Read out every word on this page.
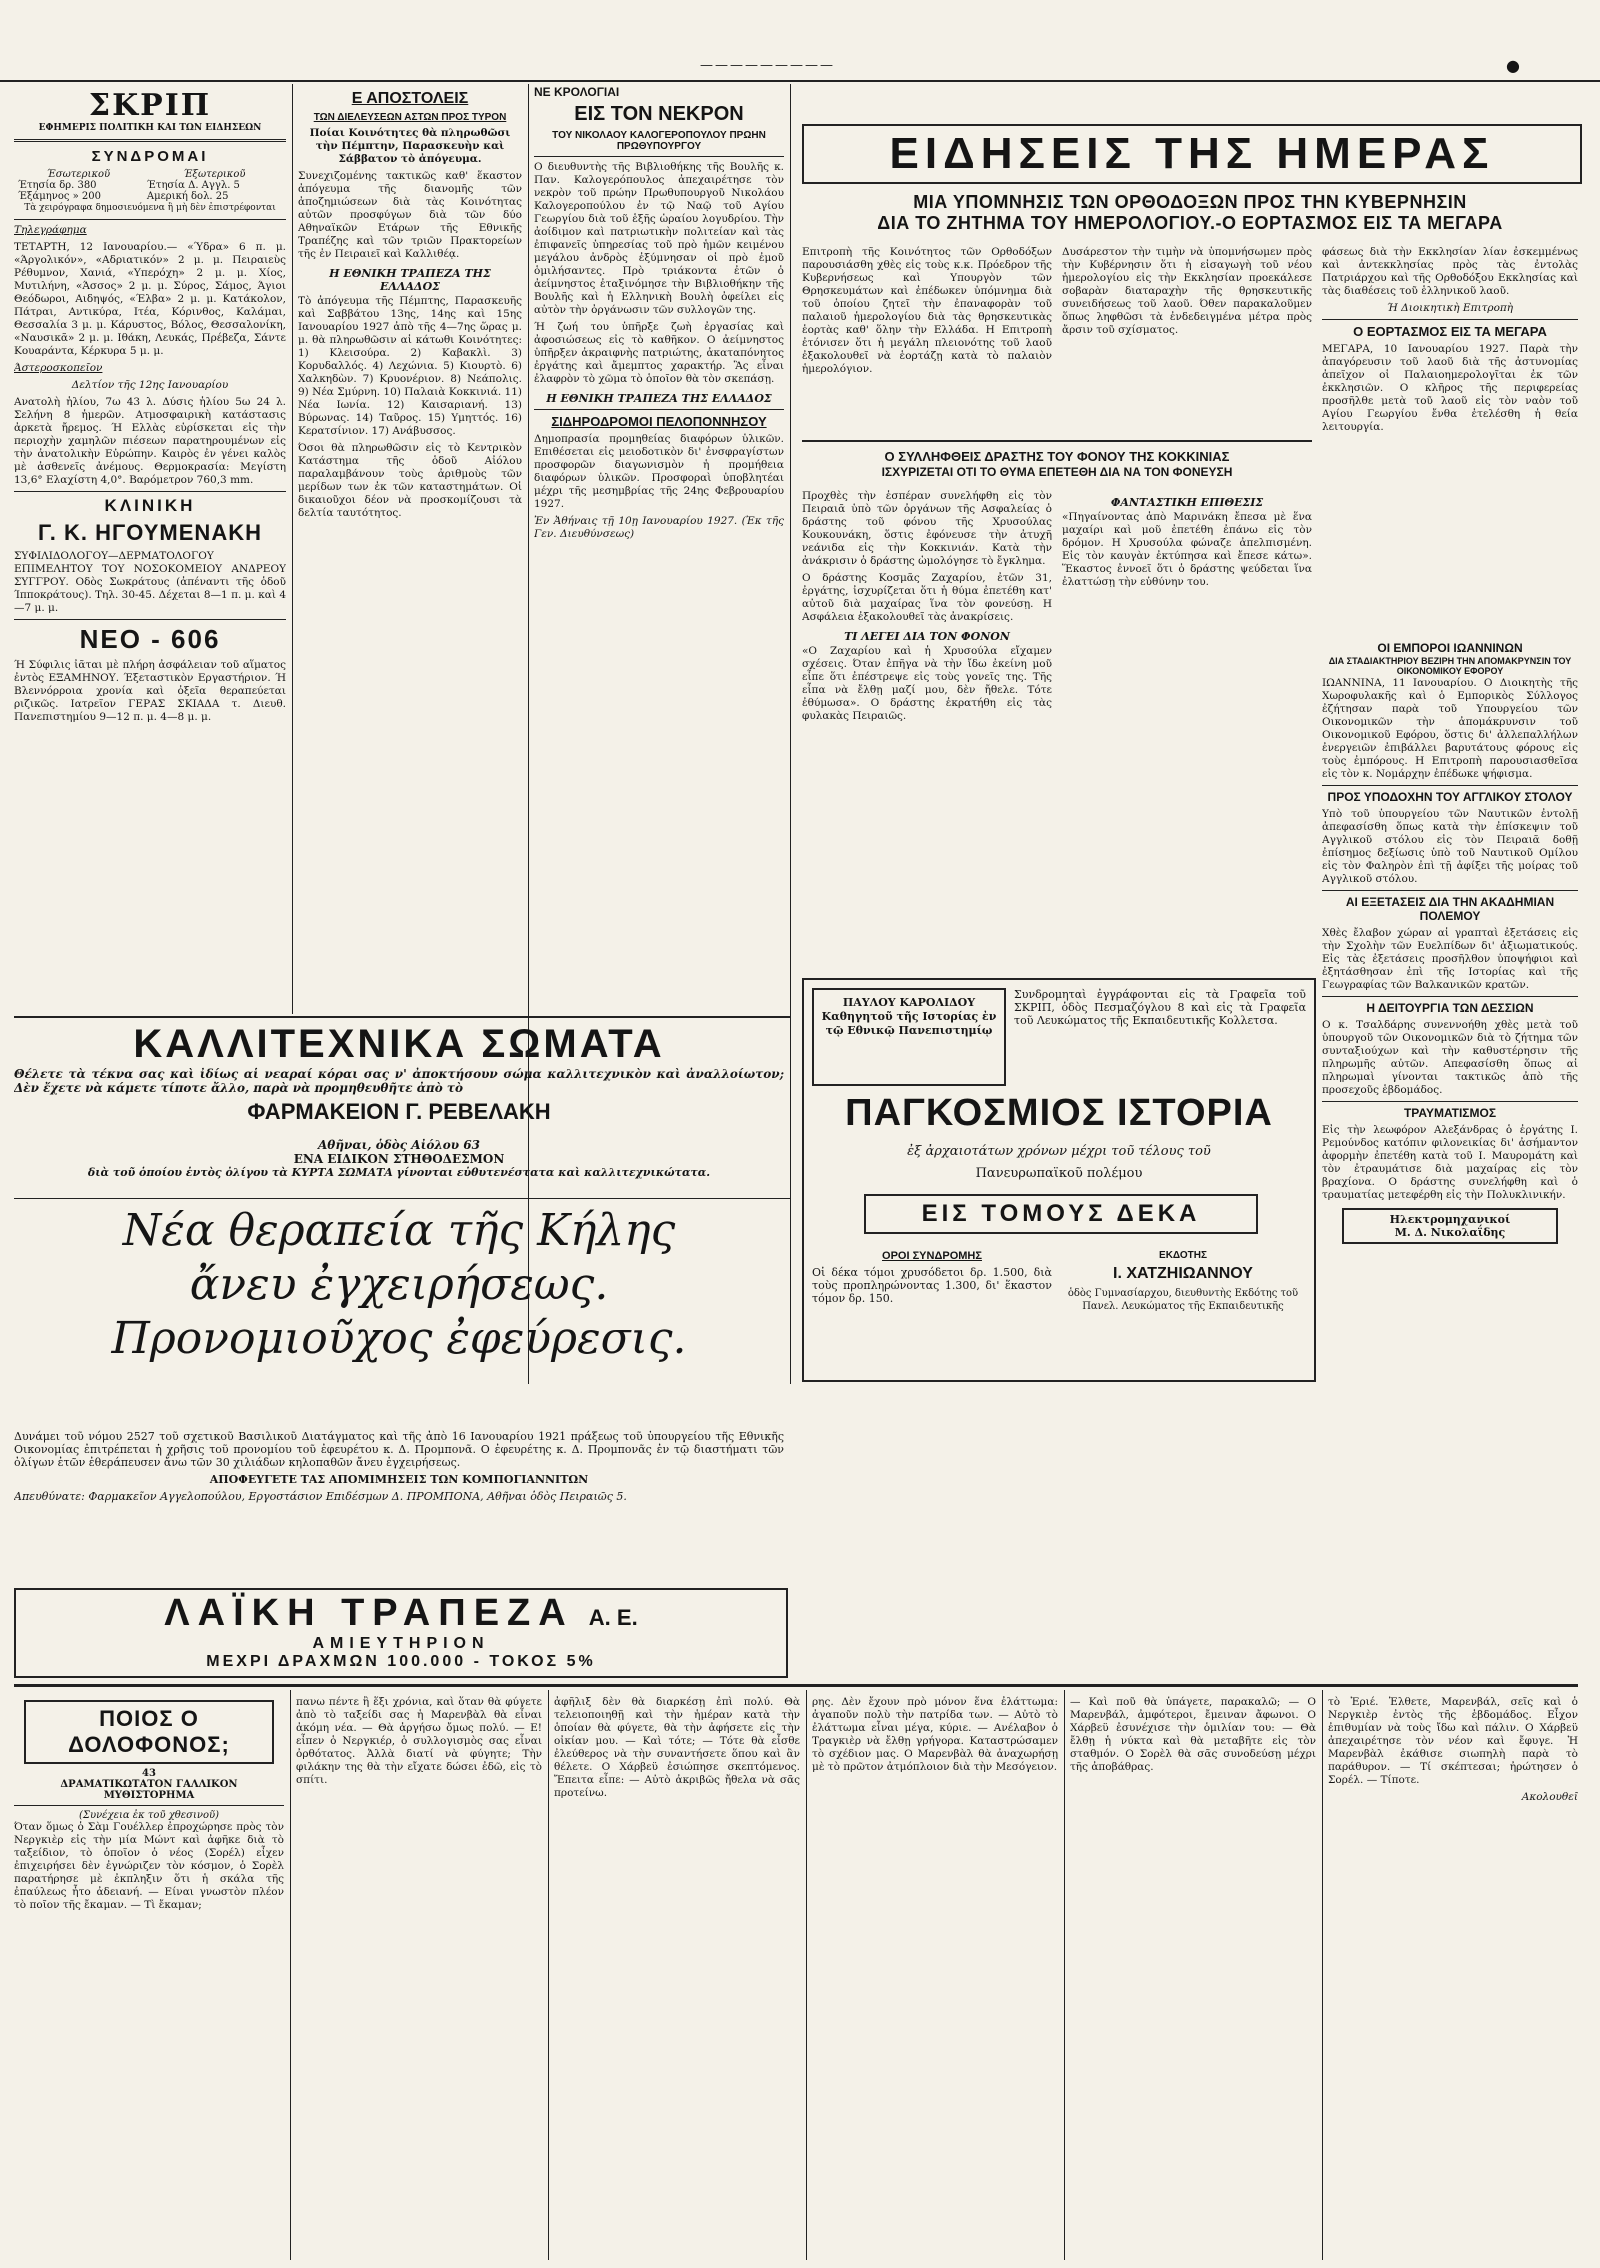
—————————	●
ΣΚΡΙΠ
ΕΦΗΜΕΡΙΣ ΠΟΛΙΤΙΚΗ ΚΑΙ ΤΩΝ ΕΙΔΗΣΕΩΝ
ΣΥΝΔΡΟΜΑΙ
Έσωτερικοῦ	Έξωτερικοῦ
Έτησία δρ. 380	Έτησία Δ. Αγγλ. 5
Έξάμηνος » 200	Αμερική δολ. 25
Τὰ χειρόγραφα δημοσιευόμενα ἢ μὴ δὲν ἐπιστρέφονται
Τηλεγράφημα

ΤΕΤΑΡΤΗ, 12 Ιανουαρίου.— «Ύδρα» 6 π. μ. «Άργολικόν», «Αδριατικόν» 2 μ. μ. Πειραιεὺς Ρέθυμνον, Χανιά, «Υπερόχη» 2 μ. μ. Χίος, Μυτιλήνη, «Άσσος» 2 μ. μ. Σύρος, Σάμος, Άγιοι Θεόδωροι, Αιδηψός, «Έλβα» 2 μ. μ. Κατάκολον, Πάτραι, Αντικύρα, Ιτέα, Κόρινθος, Καλάμαι, Θεσσαλία 3 μ. μ. Κάρυστος, Βόλος, Θεσσαλονίκη, «Ναυσικᾶ» 2 μ. μ. Ιθάκη, Λευκάς, Πρέβεζα, Σάντε Κουαράντα, Κέρκυρα 5 μ. μ.

Άστεροσκοπεῖον
Δελτίον τῆς 12ης Ιανουαρίου

Ανατολὴ ἡλίου, 7ω 43 λ. Δύσις ἡλίου 5ω 24 λ. Σελήνη 8 ἡμερῶν. Ατμοσφαιρικὴ κατάστασις ἀρκετὰ ἤρεμος. Ή Ελλὰς εὑρίσκεται εἰς τὴν περιοχὴν χαμηλῶν πιέσεων παρατηρουμένων εἰς τὴν ἀνατολικὴν Εὐρώπην. Καιρὸς ἐν γένει καλὸς μὲ ἀσθενεῖς ἀνέμους. Θερμοκρασία: Μεγίστη 13,6° Ελαχίστη 4,0°. Βαρόμετρον 760,3 mm.

ΚΛΙΝΙΚΗ
Γ. Κ. ΗΓΟΥΜΕΝΑΚΗ

ΣΥΦΙΛΙΔΟΛΟΓΟΥ—ΔΕΡΜΑΤΟΛΟΓΟΥ ΕΠΙΜΕΛΗΤΟΥ ΤΟΥ ΝΟΣΟΚΟΜΕΙΟΥ ΑΝΔΡΕΟΥ ΣΥΓΓΡΟΥ. Οδὸς Σωκράτους (ἀπέναντι τῆς ὁδοῦ Ίπποκράτους). Τηλ. 30-45. Δέχεται 8—1 π. μ. καὶ 4—7 μ. μ.

ΝΕΟ - 606

Ή Σύφιλις ἰᾶται μὲ πλήρη ἀσφάλειαν τοῦ αἵματος ἐντὸς ΕΞΑΜΗΝΟΥ. Έξεταστικὸν Εργαστήριον. Ή Βλεννόρροια χρονία καὶ ὀξεῖα θεραπεύεται ριζικῶς. Ιατρεῖον ΓΕΡΑΣ ΣΚΙΑΔΑ τ. Διευθ. Πανεπιστημίου 9—12 π. μ. 4—8 μ. μ.

Ε ΑΠΟΣΤΟΛΕΙΣ
ΤΩΝ ΔΙΕΛΕΥΣΕΩΝ ΑΣΤΩΝ ΠΡΟΣ ΤΥΡΟΝ

Ποίαι Κοινότητες θὰ πληρωθῶσι τὴν Πέμπτην, Παρασκευὴν καὶ Σάββατον τὸ ἀπόγευμα.

Συνεχιζομένης τακτικῶς καθ' ἕκαστον ἀπόγευμα τῆς διανομῆς τῶν ἀποζημιώσεων διὰ τὰς Κοινότητας αὐτῶν προσφύγων διὰ τῶν δύο Αθηναϊκῶν Ετάρων τῆς Εθνικῆς Τραπέζης καὶ τῶν τριῶν Πρακτορείων τῆς ἐν Πειραιεῖ καὶ Καλλιθέᾳ.

Η ΕΘΝΙΚΗ ΤΡΑΠΕΖΑ ΤΗΣ ΕΛΛΑΔΟΣ

Τὸ ἀπόγευμα τῆς Πέμπτης, Παρασκευῆς καὶ Σαββάτου 13ης, 14ης καὶ 15ης Ιανουαρίου 1927 ἀπὸ τῆς 4—7ης ὥρας μ. μ. θὰ πληρωθῶσιν αἱ κάτωθι Κοινότητες: 1) Κλεισούρα. 2) Καβακλὶ. 3) Κορυδαλλός. 4) Λεχώνια. 5) Κιουρτὸ. 6) Χαλκηδὼν. 7) Κρυονέριον. 8) Νεάπολις. 9) Νέα Σμύρνη. 10) Παλαιὰ Κοκκινιά. 11) Νέα Ιωνία. 12) Καισαριανή. 13) Βύρωνας. 14) Ταῦρος. 15) Υμηττός. 16) Κερατσίνιον. 17) Ανάβυσσος.

Όσοι θὰ πληρωθῶσιν εἰς τὸ Κεντρικὸν Κατάστημα τῆς ὁδοῦ Αἰόλου παραλαμβάνουν τοὺς ἀριθμοὺς τῶν μερίδων των ἐκ τῶν καταστημάτων. Οἱ δικαιοῦχοι δέον νὰ προσκομίζουσι τὰ δελτία ταυτότητος.

ΝΕ ΚΡΟΛΟΓΙΑΙ
ΕΙΣ ΤΟΝ ΝΕΚΡΟΝ
ΤΟΥ ΝΙΚΟΛΑΟΥ ΚΑΛΟΓΕΡΟΠΟΥΛΟΥ ΠΡΩΗΝ ΠΡΩΘΥΠΟΥΡΓΟΥ

Ο διευθυντὴς τῆς Βιβλιοθήκης τῆς Βουλῆς κ. Παν. Καλογερόπουλος ἀπεχαιρέτησε τὸν νεκρὸν τοῦ πρώην Πρωθυπουργοῦ Νικολάου Καλογεροπούλου ἐν τῷ Ναῷ τοῦ Αγίου Γεωργίου διὰ τοῦ ἑξῆς ὡραίου λογυδρίου. Τὴν ἀοίδιμον καὶ πατριωτικὴν πολιτείαν καὶ τὰς ἐπιφανεῖς ὑπηρεσίας τοῦ πρὸ ἡμῶν κειμένου μεγάλου ἀνδρὸς ἐξύμνησαν οἱ πρὸ ἐμοῦ ὁμιλήσαντες. Πρὸ τριάκοντα ἐτῶν ὁ ἀείμνηστος ἐταξινόμησε τὴν Βιβλιοθήκην τῆς Βουλῆς καὶ ἡ Ελληνικὴ Βουλὴ ὀφείλει εἰς αὐτὸν τὴν ὀργάνωσιν τῶν συλλογῶν της.

Ή ζωή του ὑπῆρξε ζωὴ ἐργασίας καὶ ἀφοσιώσεως εἰς τὸ καθῆκον. Ο ἀείμνηστος ὑπῆρξεν ἀκραιφνὴς πατριώτης, ἀκαταπόνητος ἐργάτης καὶ ἄμεμπτος χαρακτήρ. Ἂς εἶναι ἐλαφρὸν τὸ χῶμα τὸ ὁποῖον θὰ τὸν σκεπάσῃ.

Η ΕΘΝΙΚΗ ΤΡΑΠΕΖΑ ΤΗΣ ΕΛΛΑΔΟΣ
ΣΙΔΗΡΟΔΡΟΜΟΙ ΠΕΛΟΠΟΝΝΗΣΟΥ

Δημοπρασία προμηθείας διαφόρων ὑλικῶν. Επιθέσεται εἰς μειοδοτικὸν δι' ἐνσφραγίστων προσφορῶν διαγωνισμὸν ἡ προμήθεια διαφόρων ὑλικῶν. Προσφοραὶ ὑποβλητέαι μέχρι τῆς μεσημβρίας τῆς 24ης Φεβρουαρίου 1927.

Ἐν Ἀθήναις τῇ 10ῃ Ιανουαρίου 1927. (Ἐκ τῆς Γεν. Διευθύνσεως)

ΕΙΔΗΣΕΙΣ ΤΗΣ ΗΜΕΡΑΣ
ΜΙΑ ΥΠΟΜΝΗΣΙΣ ΤΩΝ ΟΡΘΟΔΟΞΩΝ ΠΡΟΣ ΤΗΝ ΚΥΒΕΡΝΗΣΙΝ
ΔΙΑ ΤΟ ΖΗΤΗΜΑ ΤΟΥ ΗΜΕΡΟΛΟΓΙΟΥ.-Ο ΕΟΡΤΑΣΜΟΣ ΕΙΣ ΤΑ ΜΕΓΑΡΑ

Επιτροπὴ τῆς Κοινότητος τῶν Ορθοδόξων παρουσιάσθη χθὲς εἰς τοὺς κ.κ. Πρόεδρον τῆς Κυβερνήσεως καὶ Υπουργὸν τῶν Θρησκευμάτων καὶ ἐπέδωκεν ὑπόμνημα διὰ τοῦ ὁποίου ζητεῖ τὴν ἐπαναφορὰν τοῦ παλαιοῦ ἡμερολογίου διὰ τὰς θρησκευτικὰς ἑορτὰς καθ' ὅλην τὴν Ελλάδα. Η Επιτροπὴ ἐτόνισεν ὅτι ἡ μεγάλη πλειονότης τοῦ λαοῦ ἐξακολουθεῖ νὰ ἑορτάζῃ κατὰ τὸ παλαιὸν ἡμερολόγιον.

Δυσάρεστον τὴν τιμὴν νὰ ὑπομνήσωμεν πρὸς τὴν Κυβέρνησιν ὅτι ἡ εἰσαγωγὴ τοῦ νέου ἡμερολογίου εἰς τὴν Εκκλησίαν προεκάλεσε σοβαρὰν διαταραχὴν τῆς θρησκευτικῆς συνειδήσεως τοῦ λαοῦ. Όθεν παρακαλοῦμεν ὅπως ληφθῶσι τὰ ἐνδεδειγμένα μέτρα πρὸς ἄρσιν τοῦ σχίσματος.

φάσεως διὰ τὴν Εκκλησίαν λίαν ἐσκεμμένως καὶ ἀντεκκλησίας πρὸς τὰς ἐντολὰς Πατριάρχου καὶ τῆς Ορθοδόξου Εκκλησίας καὶ τὰς διαθέσεις τοῦ ἑλληνικοῦ λαοῦ.

Ή Διοικητικὴ Επιτροπὴ
Ο ΕΟΡΤΑΣΜΟΣ ΕΙΣ ΤΑ ΜΕΓΑΡΑ

ΜΕΓΑΡΑ, 10 Ιανουαρίου 1927. Παρὰ τὴν ἀπαγόρευσιν τοῦ λαοῦ διὰ τῆς ἀστυνομίας ἀπεῖχον οἱ Παλαιοημερολογῖται ἐκ τῶν ἐκκλησιῶν. Ο κλῆρος τῆς περιφερείας προσῆλθε μετὰ τοῦ λαοῦ εἰς τὸν ναὸν τοῦ Αγίου Γεωργίου ἔνθα ἐτελέσθη ἡ θεία λειτουργία.

Ο ΣΥΛΛΗΦΘΕΙΣ ΔΡΑΣΤΗΣ ΤΟΥ ΦΟΝΟΥ ΤΗΣ ΚΟΚΚΙΝΙΑΣ
ΙΣΧΥΡΙΖΕΤΑΙ ΟΤΙ ΤΟ ΘΥΜΑ ΕΠΕΤΕΘΗ ΔΙΑ ΝΑ ΤΟΝ ΦΟΝΕΥΣΗ

Προχθὲς τὴν ἑσπέραν συνελήφθη εἰς τὸν Πειραιᾶ ὑπὸ τῶν ὀργάνων τῆς Ασφαλείας ὁ δράστης τοῦ φόνου τῆς Χρυσούλας Κουκουνάκη, ὅστις ἐφόνευσε τὴν ἀτυχῆ νεάνιδα εἰς τὴν Κοκκινιάν. Κατὰ τὴν ἀνάκρισιν ὁ δράστης ὡμολόγησε τὸ ἔγκλημα.

Ο δράστης Κοσμᾶς Ζαχαρίου, ἐτῶν 31, ἐργάτης, ἰσχυρίζεται ὅτι ἡ θύμα ἐπετέθη κατ' αὐτοῦ διὰ μαχαίρας ἵνα τὸν φονεύσῃ. Η Ασφάλεια ἐξακολουθεῖ τὰς ἀνακρίσεις.

ΤΙ ΛΕΓΕΙ ΔΙΑ ΤΟΝ ΦΟΝΟΝ

«Ο Ζαχαρίου καὶ ἡ Χρυσούλα εἴχαμεν σχέσεις. Όταν ἐπῆγα νὰ τὴν ἴδω ἐκείνη μοῦ εἶπε ὅτι ἐπέστρεψε εἰς τοὺς γονεῖς της. Τῆς εἶπα νὰ ἔλθῃ μαζί μου, δὲν ἤθελε. Τότε ἐθύμωσα». Ο δράστης ἐκρατήθη εἰς τὰς φυλακὰς Πειραιῶς.

ΦΑΝΤΑΣΤΙΚΗ ΕΠΙΘΕΣΙΣ

«Πηγαίνοντας ἀπὸ Μαρινάκη ἔπεσα μὲ ἕνα μαχαίρι καὶ μοῦ ἐπετέθη ἐπάνω εἰς τὸν δρόμον. Η Χρυσούλα φώναζε ἀπελπισμένη. Εἰς τὸν καυγὰν ἐκτύπησα καὶ ἔπεσε κάτω». Ἕκαστος ἐννοεῖ ὅτι ὁ δράστης ψεύδεται ἵνα ἐλαττώσῃ τὴν εὐθύνην του.

ΟΙ ΕΜΠΟΡΟΙ ΙΩΑΝΝΙΝΩΝ
ΔΙΑ ΣΤΑΔΙΑΚΤΗΡΙΟΥ ΒΕΖΙΡΗ ΤΗΝ ΑΠΟΜΑΚΡΥΝΣΙΝ ΤΟΥ ΟΙΚΟΝΟΜΙΚΟΥ ΕΦΟΡΟΥ

ΙΩΑΝΝΙΝΑ, 11 Ιανουαρίου. Ο Διοικητὴς τῆς Χωροφυλακῆς καὶ ὁ Εμπορικὸς Σύλλογος ἐζήτησαν παρὰ τοῦ Υπουργείου τῶν Οικονομικῶν τὴν ἀπομάκρυνσιν τοῦ Οικονομικοῦ Εφόρου, ὅστις δι' ἀλλεπαλλήλων ἐνεργειῶν ἐπιβάλλει βαρυτάτους φόρους εἰς τοὺς ἐμπόρους. Η Επιτροπὴ παρουσιασθεῖσα εἰς τὸν κ. Νομάρχην ἐπέδωκε ψήφισμα.

ΠΡΟΣ ΥΠΟΔΟΧΗΝ ΤΟΥ ΑΓΓΛΙΚΟΥ ΣΤΟΛΟΥ

Υπὸ τοῦ ὑπουργείου τῶν Ναυτικῶν ἐντολῇ ἀπεφασίσθη ὅπως κατὰ τὴν ἐπίσκεψιν τοῦ Αγγλικοῦ στόλου εἰς τὸν Πειραιᾶ δοθῇ ἐπίσημος δεξίωσις ὑπὸ τοῦ Ναυτικοῦ Ομίλου εἰς τὸν Φαληρὸν ἐπὶ τῇ ἀφίξει τῆς μοίρας τοῦ Αγγλικοῦ στόλου.

ΑΙ ΕΞΕΤΑΣΕΙΣ ΔΙΑ ΤΗΝ ΑΚΑΔΗΜΙΑΝ ΠΟΛΕΜΟΥ

Χθὲς ἔλαβον χώραν αἱ γραπταὶ ἐξετάσεις εἰς τὴν Σχολὴν τῶν Ευελπίδων δι' ἀξιωματικούς. Εἰς τὰς ἐξετάσεις προσῆλθον ὑποψήφιοι καὶ ἐξητάσθησαν ἐπὶ τῆς Ιστορίας καὶ τῆς Γεωγραφίας τῶν Βαλκανικῶν κρατῶν.

Η ΔΕΙΤΟΥΡΓΙΑ ΤΩΝ ΔΕΣΣΙΩΝ

Ο κ. Τσαλδάρης συνεννοήθη χθὲς μετὰ τοῦ ὑπουργοῦ τῶν Οικονομικῶν διὰ τὸ ζήτημα τῶν συνταξιούχων καὶ τὴν καθυστέρησιν τῆς πληρωμῆς αὐτῶν. Απεφασίσθη ὅπως αἱ πληρωμαὶ γίνονται τακτικῶς ἀπὸ τῆς προσεχοῦς ἑβδομάδος.

ΤΡΑΥΜΑΤΙΣΜΟΣ

Εἰς τὴν λεωφόρον Αλεξάνδρας ὁ ἐργάτης Ι. Ρεμούνδος κατόπιν φιλονεικίας δι' ἀσήμαντον ἀφορμὴν ἐπετέθη κατὰ τοῦ Ι. Μαυρομάτη καὶ τὸν ἐτραυμάτισε διὰ μαχαίρας εἰς τὸν βραχίονα. Ο δράστης συνελήφθη καὶ ὁ τραυματίας μετεφέρθη εἰς τὴν Πολυκλινικήν.

Ηλεκτρομηχανικοί
Μ. Δ. Νικολαΐδης
ΠΑΥΛΟΥ ΚΑΡΟΛΙΔΟΥ Καθηγητοῦ τῆς Ιστορίας ἐν τῷ Εθνικῷ Πανεπιστημίῳ

Συνδρομηταὶ ἐγγράφονται εἰς τὰ Γραφεῖα τοῦ ΣΚΡΙΠ, ὁδὸς Πεσμαζόγλου 8 καὶ εἰς τὰ Γραφεῖα τοῦ Λευκώματος τῆς Εκπαιδευτικῆς Κολλετσα.

ΠΑΓΚΟΣΜΙΟΣ ΙΣΤΟΡΙΑ
ἐξ ἀρχαιοτάτων χρόνων μέχρι τοῦ τέλους τοῦ
Πανευρωπαϊκοῦ πολέμου
ΕΙΣ ΤΟΜΟΥΣ ΔΕΚΑ
ΟΡΟΙ ΣΥΝΔΡΟΜΗΣ

Οἱ δέκα τόμοι χρυσόδετοι δρ. 1.500, διὰ τοὺς προπληρώνοντας 1.300, δι' ἕκαστον τόμον δρ. 150.

ΕΚΔΟΤΗΣ
Ι. ΧΑΤΖΗΙΩΑΝΝΟΥ

ὁδὸς Γυμνασίαρχου, διευθυντὴς Εκδότης τοῦ Πανελ. Λευκώματος τῆς Εκπαιδευτικῆς

ΚΑΛΛΙΤΕΧΝΙΚΑ ΣΩΜΑΤΑ

Θέλετε τὰ τέκνα σας καὶ ἰδίως αἱ νεαραί κόραι σας ν' ἀποκτήσουν σώμα καλλιτεχνικὸν καὶ ἀναλλοίωτον; Δὲν ἔχετε νὰ κάμετε τίποτε ἄλλο, παρὰ νὰ προμηθευθῆτε ἀπὸ τὸ

ΦΑΡΜΑΚΕΙΟΝ Γ. ΡΕΒΕΛΑΚΗ
Αθῆναι, ὁδὸς Αἰόλου 63
ΕΝΑ ΕΙΔΙΚΟΝ ΣΤΗΘΟΔΕΣΜΟΝ
διὰ τοῦ ὁποίου ἐντὸς ὀλίγου τὰ ΚΥΡΤΑ ΣΩΜΑΤΑ γίνονται εὐθυτενέστατα καὶ καλλιτεχνικώτατα.
Νέα θεραπεία τῆς Κήλης
ἄνευ ἐγχειρήσεως.
Προνομιοῦχος ἐφεύρεσις.

Δυνάμει τοῦ νόμου 2527 τοῦ σχετικοῦ Βασιλικοῦ Διατάγματος καὶ τῆς ἀπὸ 16 Ιανουαρίου 1921 πράξεως τοῦ ὑπουργείου τῆς Εθνικῆς Οικονομίας ἐπιτρέπεται ἡ χρῆσις τοῦ προνομίου τοῦ ἐφευρέτου κ. Δ. Προμπονᾶ. Ο ἐφευρέτης κ. Δ. Προμπονᾶς ἐν τῷ διαστήματι τῶν ὀλίγων ἐτῶν ἐθεράπευσεν ἄνω τῶν 30 χιλιάδων κηλοπαθῶν ἄνευ ἐγχειρήσεως.

ΑΠΟΦΕΥΓΕΤΕ ΤΑΣ ΑΠΟΜΙΜΗΣΕΙΣ ΤΩΝ ΚΟΜΠΟΓΙΑΝΝΙΤΩΝ

Απευθύνατε: Φαρμακεῖον Αγγελοπούλου, Εργοστάσιον Επιδέσμων Δ. ΠΡΟΜΠΟΝΑ, Αθῆναι ὁδὸς Πειραιῶς 5.

ΛΑΪΚΗ ΤΡΑΠΕΖΑ Α. Ε.
ΑΜΙΕΥΤΗΡΙΟΝ
ΜΕΧΡΙ ΔΡΑΧΜΩΝ 100.000 - ΤΟΚΟΣ 5%
ΠΟΙΟΣ Ο ΔΟΛΟΦΟΝΟΣ;
43
ΔΡΑΜΑΤΙΚΩΤΑΤΟΝ ΓΑΛΛΙΚΟΝ ΜΥΘΙΣΤΟΡΗΜΑ
(Συνέχεια ἐκ τοῦ χθεσινοῦ)

Όταν ὅμως ὁ Σὰμ Γουέλλερ ἐπροχώρησε πρὸς τὸν Νεργκιὲρ εἰς τὴν μία Μώντ καὶ ἀφῆκε διὰ τὸ ταξείδιον, τὸ ὁποῖον ὁ νέος (Σορέλ) εἶχεν ἐπιχειρήσει δὲν ἐγνώριζεν τὸν κόσμον, ὁ Σορὲλ παρατήρησε μὲ ἐκπληξιν ὅτι ἡ σκάλα τῆς ἐπαύλεως ἦτο ἀδειανή. — Είναι γνωστὸν πλέον τὸ ποῖον τῆς ἔκαμαν. — Τὶ ἔκαμαν;

πανω πέντε ἢ ἕξι χρόνια, καὶ ὅταν θὰ φύγετε ἀπὸ τὸ ταξείδι σας ἡ Μαρενβὰλ θὰ εἶναι ἀκόμη νέα. — Θὰ ἀργήσω ὄμως πολύ. — Ε! εἶπεν ὁ Νεργκιέρ, ὁ συλλογισμὸς σας εἶναι ὀρθότατος. Ἀλλὰ διατί νὰ φύγητε; Τὴν φιλάκην της θὰ τὴν εἴχατε δώσει ἐδῶ, εἰς τὸ σπίτι.

ἀφῆλιξ δὲν θὰ διαρκέσῃ ἐπὶ πολύ. Θὰ τελειοποιηθῇ καὶ τὴν ἡμέραν κατὰ τὴν ὁποίαν θὰ φύγετε, θὰ τὴν ἀφήσετε εἰς τὴν οἰκίαν μου. — Καὶ τότε; — Τότε θὰ εἶσθε ἐλεύθερος νὰ τὴν συναντήσετε ὅπου καὶ ἂν θέλετε. Ο Χάρβεϋ ἐσιώπησε σκεπτόμενος. Ἔπειτα εἶπε: — Αὐτὸ ἀκριβῶς ἤθελα νὰ σᾶς προτείνω.

ρης. Δὲν ἔχουν πρὸ μόνον ἕνα ἐλάττωμα: ἀγαποῦν πολὺ τὴν πατρίδα των. — Αὐτὸ τὸ ἐλάττωμα εἶναι μέγα, κύριε. — Ανέλαβον ὁ Τραγκιὲρ νὰ ἔλθῃ γρήγορα. Καταστρώσαμεν τὸ σχέδιον μας. Ο Μαρενβὰλ θὰ ἀναχωρήσῃ μὲ τὸ πρῶτον ἀτμόπλοιον διὰ τὴν Μεσόγειον.

— Καὶ ποῦ θὰ ὑπάγετε, παρακαλῶ; — Ο Μαρενβάλ, ἀμφότεροι, ἔμειναν ἄφωνοι. Ο Χάρβεϋ ἐσυνέχισε τὴν ὁμιλίαν του: — Θὰ ἔλθῃ ἡ νύκτα καὶ θὰ μεταβῆτε εἰς τὸν σταθμόν. Ο Σορὲλ θὰ σᾶς συνοδεύσῃ μέχρι τῆς ἀποβάθρας.

τὸ Ἐριέ. Ἐλθετε, Μαρενβάλ, σεῖς καὶ ὁ Νεργκιὲρ ἐντὸς τῆς ἑβδομάδος. Εἶχον ἐπιθυμίαν νὰ τοὺς ἴδω καὶ πάλιν. Ο Χάρβεϋ ἀπεχαιρέτησε τὸν νέον καὶ ἔφυγε. Ἡ Μαρενβὰλ ἐκάθισε σιωπηλὴ παρὰ τὸ παράθυρον. — Τί σκέπτεσαι; ἠρώτησεν ὁ Σορέλ. — Τίποτε.

Ακολουθεῖ
